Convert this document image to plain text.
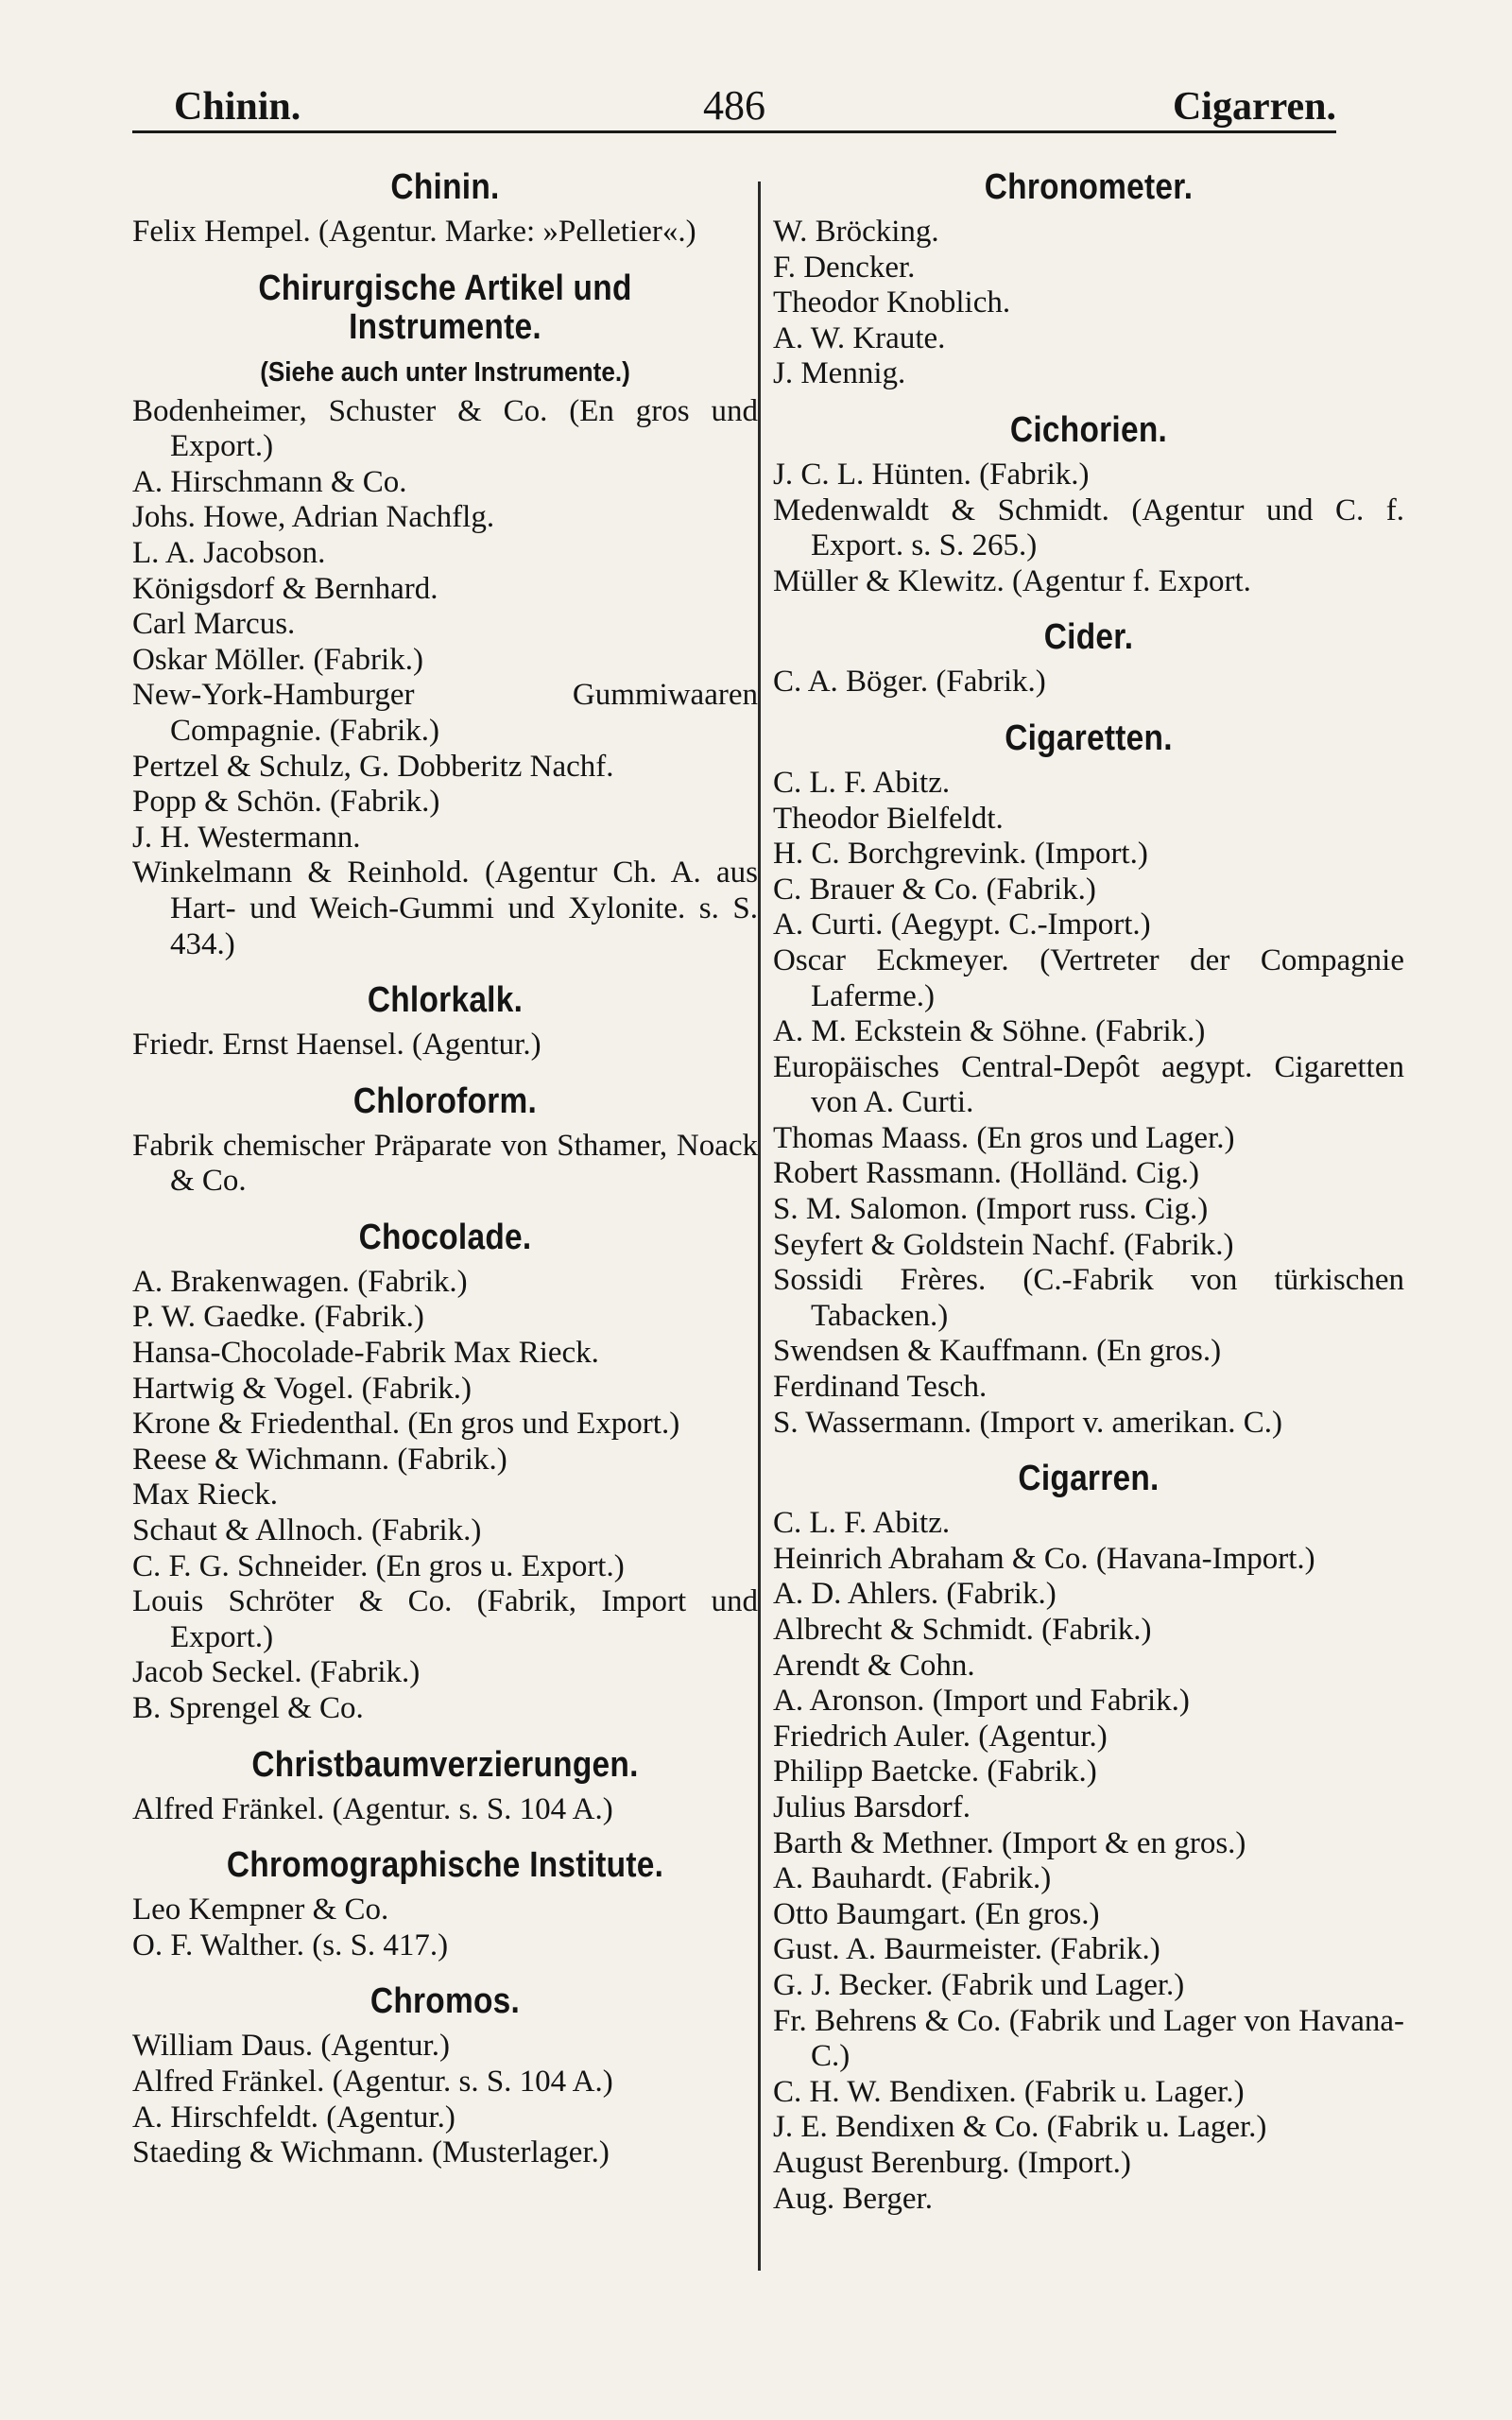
Chinin.	486	Cigarren.
Chinin.
Felix Hempel. (Agentur. Marke: »Pelletier«.)
Chirurgische Artikel und
Instrumente.
(Siehe auch unter Instrumente.)
Bodenheimer, Schuster & Co. (En gros und Export.)
A. Hirschmann & Co.
Johs. Howe, Adrian Nachflg.
L. A. Jacobson.
Königsdorf & Bernhard.
Carl Marcus.
Oskar Möller. (Fabrik.)
New-York-Hamburger Gummiwaaren Compagnie. (Fabrik.)
Pertzel & Schulz, G. Dobberitz Nachf.
Popp & Schön. (Fabrik.)
J. H. Westermann.
Winkelmann & Reinhold. (Agentur Ch. A. aus Hart- und Weich-Gummi und Xylonite. s. S. 434.)
Chlorkalk.
Friedr. Ernst Haensel. (Agentur.)
Chloroform.
Fabrik chemischer Präparate von Sthamer, Noack & Co.
Chocolade.
A. Brakenwagen. (Fabrik.)
P. W. Gaedke. (Fabrik.)
Hansa-Chocolade-Fabrik Max Rieck.
Hartwig & Vogel. (Fabrik.)
Krone & Friedenthal. (En gros und Export.)
Reese & Wichmann. (Fabrik.)
Max Rieck.
Schaut & Allnoch. (Fabrik.)
C. F. G. Schneider. (En gros u. Export.)
Louis Schröter & Co. (Fabrik, Import und Export.)
Jacob Seckel. (Fabrik.)
B. Sprengel & Co.
Christbaumverzierungen.
Alfred Fränkel. (Agentur. s. S. 104 A.)
Chromographische Institute.
Leo Kempner & Co.
O. F. Walther. (s. S. 417.)
Chromos.
William Daus. (Agentur.)
Alfred Fränkel. (Agentur. s. S. 104 A.)
A. Hirschfeldt. (Agentur.)
Staeding & Wichmann. (Musterlager.)
Chronometer.
W. Bröcking.
F. Dencker.
Theodor Knoblich.
A. W. Kraute.
J. Mennig.
Cichorien.
J. C. L. Hünten. (Fabrik.)
Medenwaldt & Schmidt. (Agentur und C. f. Export. s. S. 265.)
Müller & Klewitz. (Agentur f. Export.
Cider.
C. A. Böger. (Fabrik.)
Cigaretten.
C. L. F. Abitz.
Theodor Bielfeldt.
H. C. Borchgrevink. (Import.)
C. Brauer & Co. (Fabrik.)
A. Curti. (Aegypt. C.-Import.)
Oscar Eckmeyer. (Vertreter der Compagnie Laferme.)
A. M. Eckstein & Söhne. (Fabrik.)
Europäisches Central-Depôt aegypt. Cigaretten von A. Curti.
Thomas Maass. (En gros und Lager.)
Robert Rassmann. (Holländ. Cig.)
S. M. Salomon. (Import russ. Cig.)
Seyfert & Goldstein Nachf. (Fabrik.)
Sossidi Frères. (C.-Fabrik von türkischen Tabacken.)
Swendsen & Kauffmann. (En gros.)
Ferdinand Tesch.
S. Wassermann. (Import v. amerikan. C.)
Cigarren.
C. L. F. Abitz.
Heinrich Abraham & Co. (Havana-Import.)
A. D. Ahlers. (Fabrik.)
Albrecht & Schmidt. (Fabrik.)
Arendt & Cohn.
A. Aronson. (Import und Fabrik.)
Friedrich Auler. (Agentur.)
Philipp Baetcke. (Fabrik.)
Julius Barsdorf.
Barth & Methner. (Import & en gros.)
A. Bauhardt. (Fabrik.)
Otto Baumgart. (En gros.)
Gust. A. Baurmeister. (Fabrik.)
G. J. Becker. (Fabrik und Lager.)
Fr. Behrens & Co. (Fabrik und Lager von Havana-C.)
C. H. W. Bendixen. (Fabrik u. Lager.)
J. E. Bendixen & Co. (Fabrik u. Lager.)
August Berenburg. (Import.)
Aug. Berger.
